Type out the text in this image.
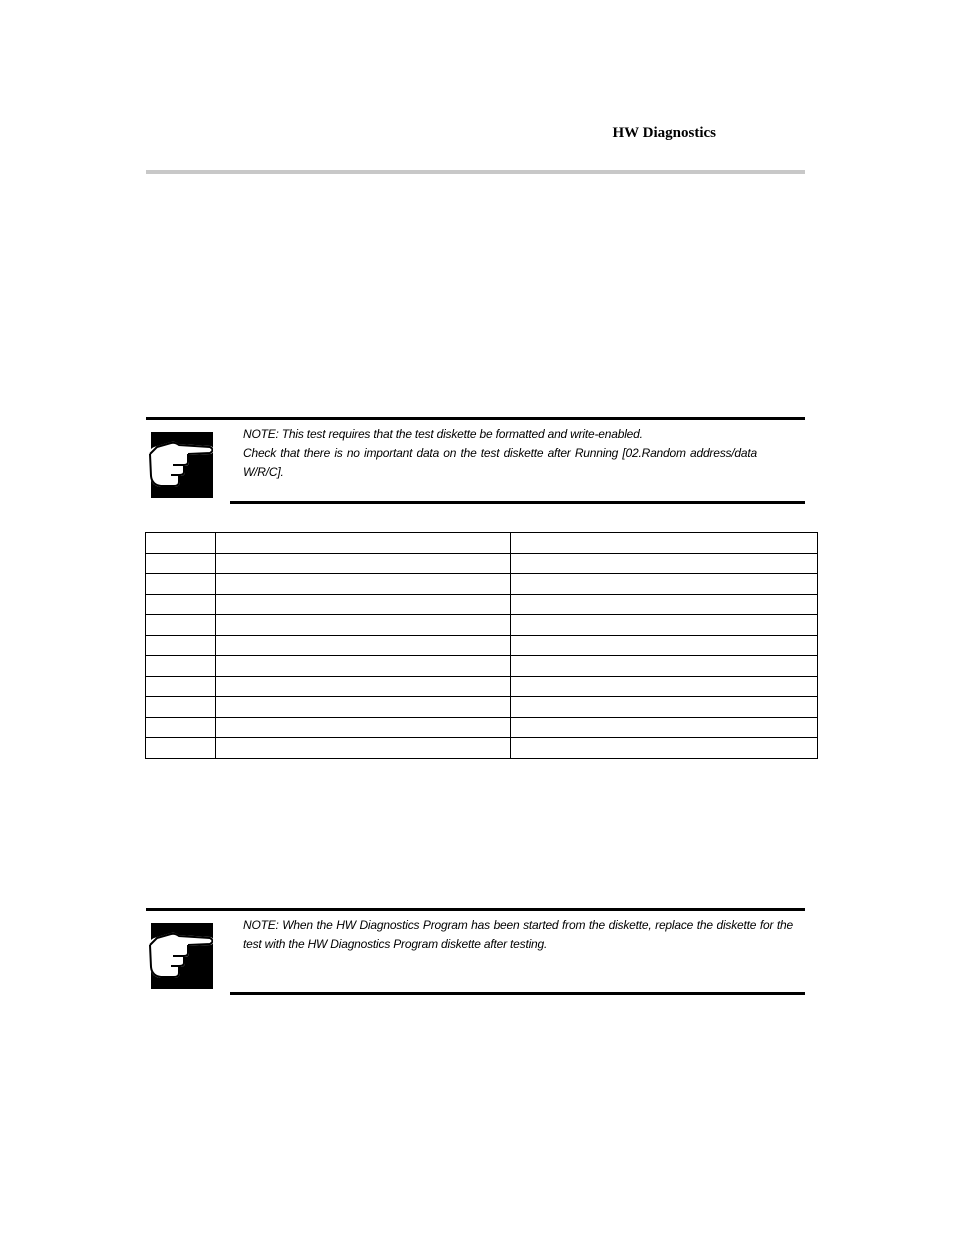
HW Diagnostics
NOTE: This test requires that the test diskette be formatted and write-enabled.
Check that there is no important data on the test diskette after Running [02.Random address/data W/R/C].

NOTE: When the HW Diagnostics Program has been started from the diskette, replace the diskette for the test with the HW Diagnostics Program diskette after testing.
